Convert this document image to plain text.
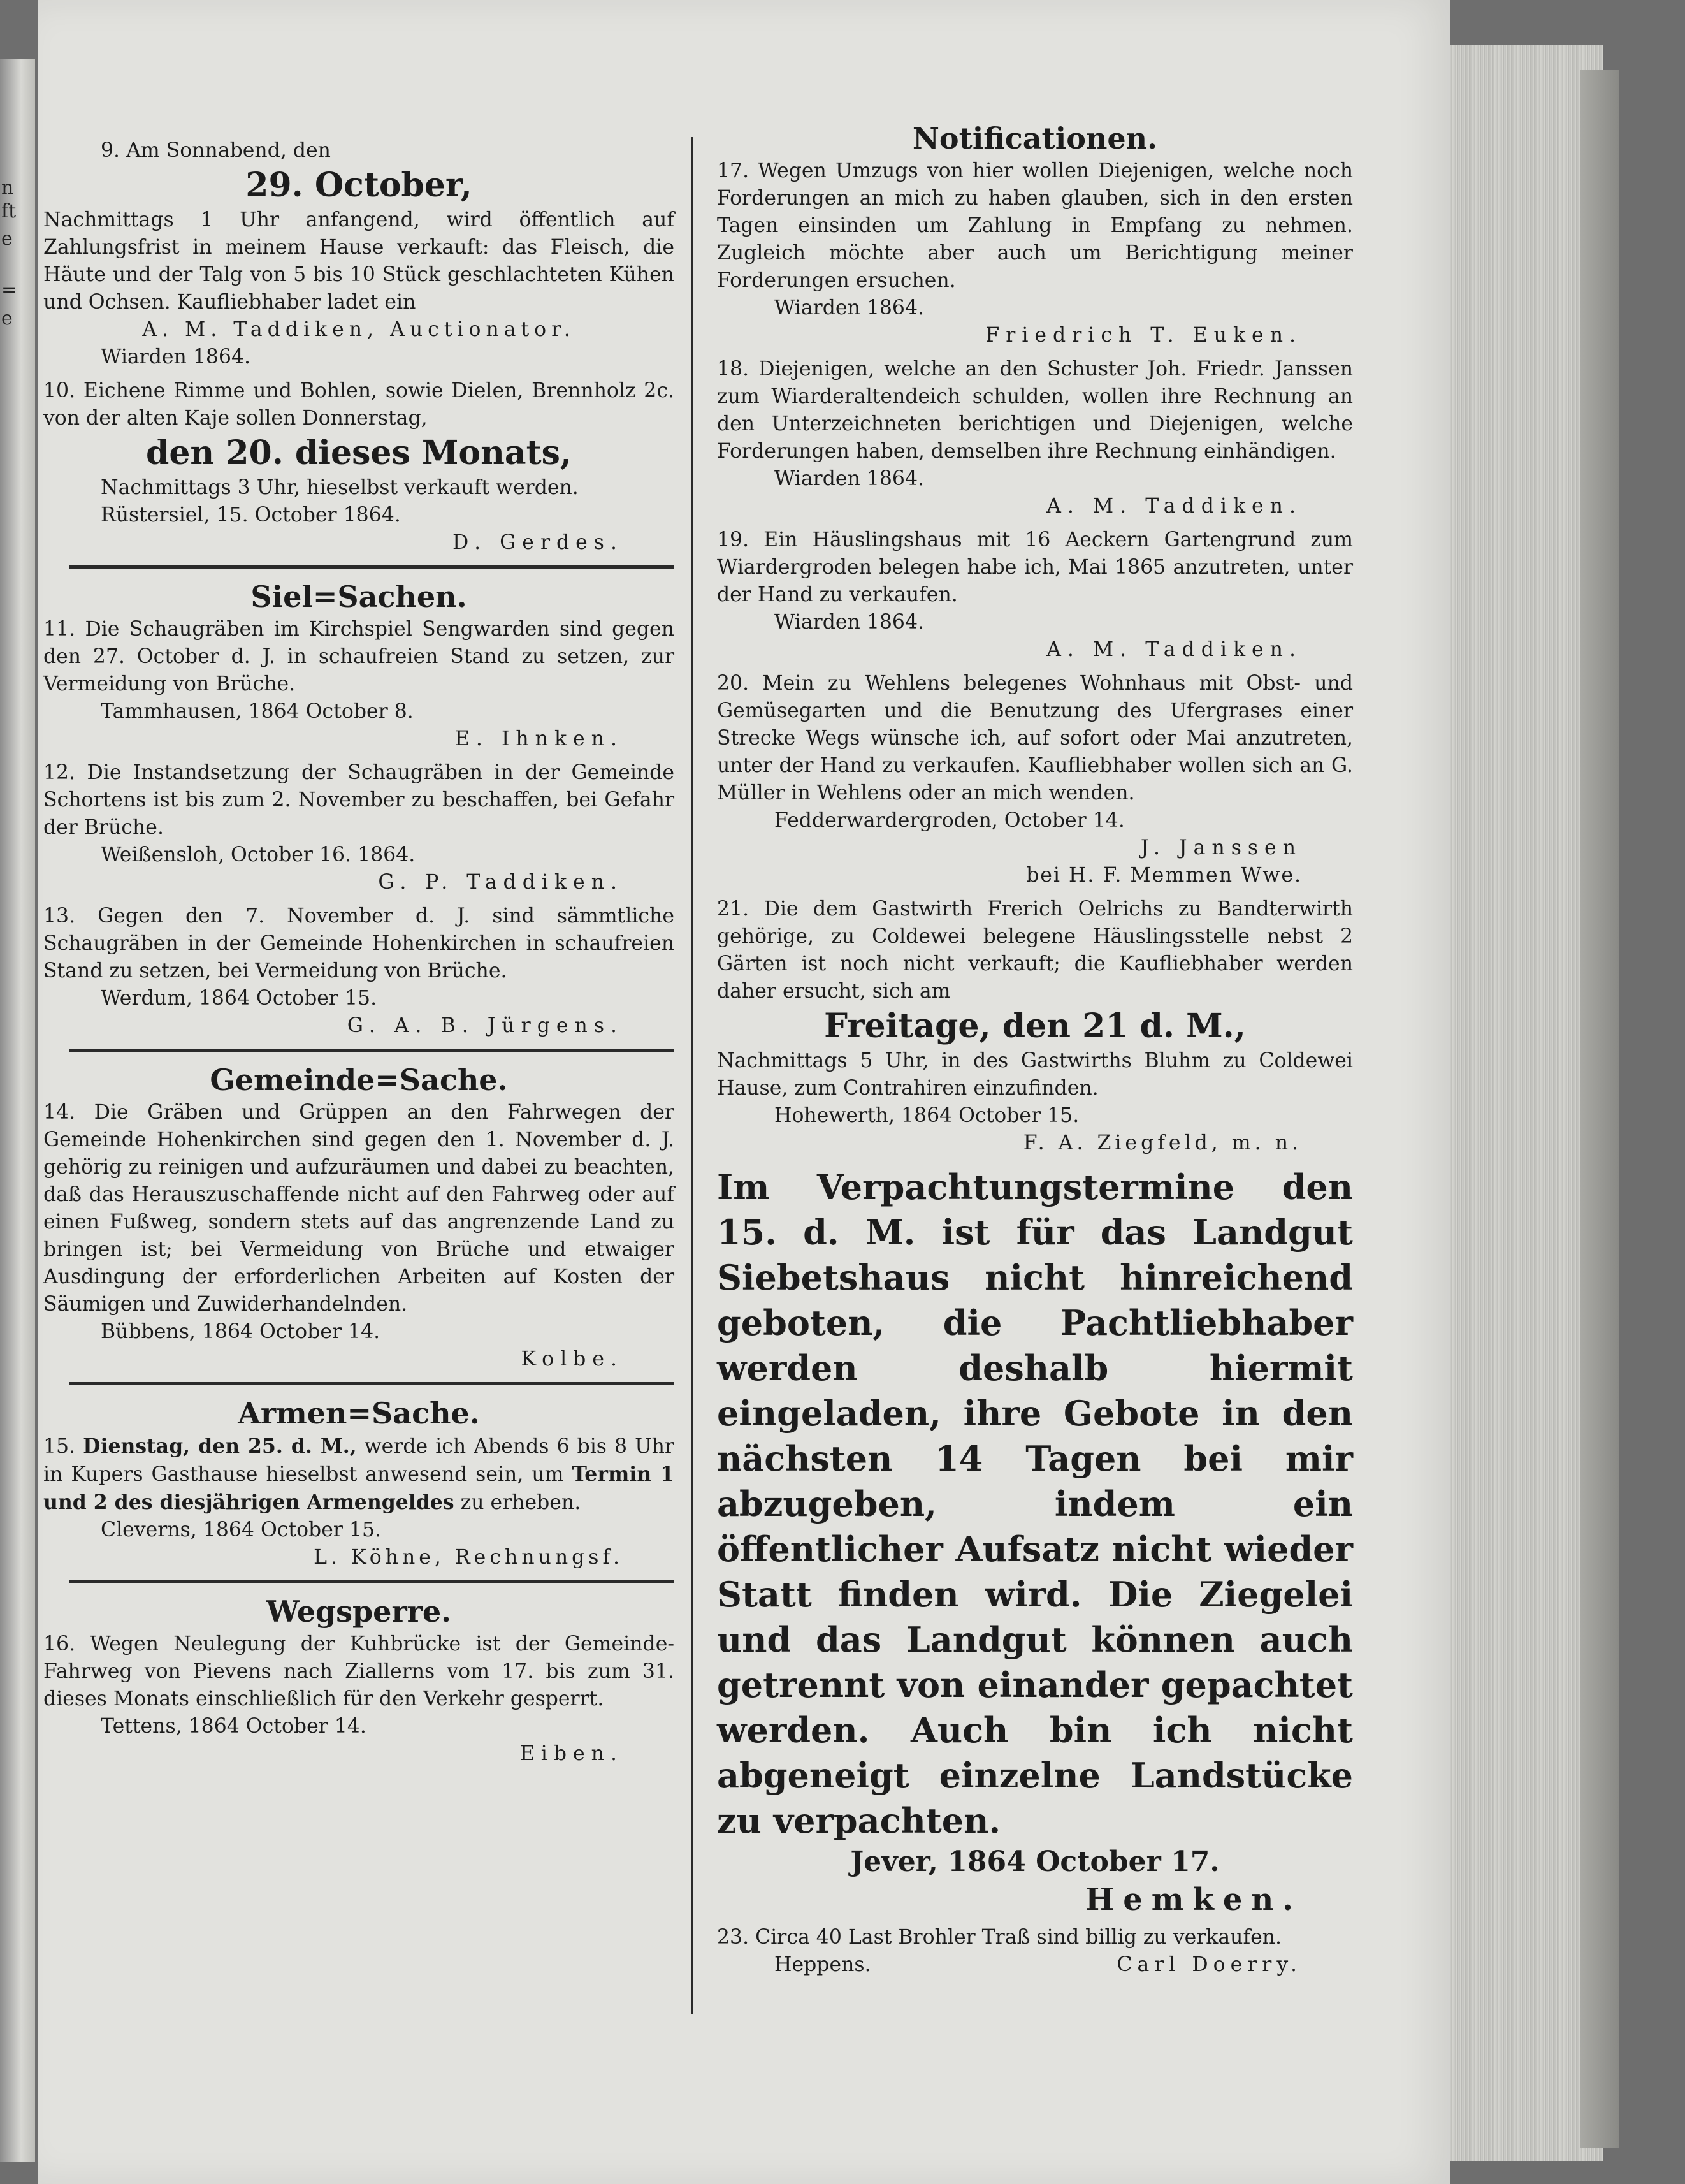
n
ft
e
=
e

9. Am Sonnabend, den

29. October,

Nachmittags 1 Uhr anfangend, wird öffentlich auf Zahlungsfrist in meinem Hause verkauft: das Fleisch, die Häute und der Talg von 5 bis 10 Stück geschlachteten Kühen und Ochsen. Kaufliebhaber ladet ein

A. M. Taddiken, Auctionator.

Wiarden 1864.

10. Eichene Rimme und Bohlen, sowie Dielen, Brennholz 2c. von der alten Kaje sollen Donnerstag,

den 20. dieses Monats,

Nachmittags 3 Uhr, hieselbst verkauft werden.

Rüstersiel, 15. October 1864.

D. Gerdes.

Siel=Sachen.

11. Die Schaugräben im Kirchspiel Sengwarden sind gegen den 27. October d. J. in schaufreien Stand zu setzen, zur Vermeidung von Brüche.

Tammhausen, 1864 October 8.

E. Ihnken.

12. Die Instandsetzung der Schaugräben in der Gemeinde Schortens ist bis zum 2. November zu beschaffen, bei Gefahr der Brüche.

Weißensloh, October 16. 1864.

G. P. Taddiken.

13. Gegen den 7. November d. J. sind sämmtliche Schaugräben in der Gemeinde Hohenkirchen in schaufreien Stand zu setzen, bei Vermeidung von Brüche.

Werdum, 1864 October 15.

G. A. B. Jürgens.

Gemeinde=Sache.

14. Die Gräben und Grüppen an den Fahrwegen der Gemeinde Hohenkirchen sind gegen den 1. November d. J. gehörig zu reinigen und aufzuräumen und dabei zu beachten, daß das Herauszuschaffende nicht auf den Fahrweg oder auf einen Fußweg, sondern stets auf das angrenzende Land zu bringen ist; bei Vermeidung von Brüche und etwaiger Ausdingung der erforderlichen Arbeiten auf Kosten der Säumigen und Zuwiderhandelnden.

Bübbens, 1864 October 14.

Kolbe.

Armen=Sache.

15. Dienstag, den 25. d. M., werde ich Abends 6 bis 8 Uhr in Kupers Gasthause hieselbst anwesend sein, um Termin 1 und 2 des diesjährigen Armengeldes zu erheben.

Cleverns, 1864 October 15.

L. Köhne, Rechnungsf.

Wegsperre.

16. Wegen Neulegung der Kuhbrücke ist der Gemeinde-Fahrweg von Pievens nach Ziallerns vom 17. bis zum 31. dieses Monats einschließlich für den Verkehr gesperrt.

Tettens, 1864 October 14.

Eiben.

Notificationen.

17. Wegen Umzugs von hier wollen Diejenigen, welche noch Forderungen an mich zu haben glauben, sich in den ersten Tagen einsinden um Zahlung in Empfang zu nehmen. Zugleich möchte aber auch um Berichtigung meiner Forderungen ersuchen.

Wiarden 1864.

Friedrich T. Euken.

18. Diejenigen, welche an den Schuster Joh. Friedr. Janssen zum Wiarderaltendeich schulden, wollen ihre Rechnung an den Unterzeichneten berichtigen und Diejenigen, welche Forderungen haben, demselben ihre Rechnung einhändigen.

Wiarden 1864.

A. M. Taddiken.

19. Ein Häuslingshaus mit 16 Aeckern Gartengrund zum Wiardergroden belegen habe ich, Mai 1865 anzutreten, unter der Hand zu verkaufen.

Wiarden 1864.

A. M. Taddiken.

20. Mein zu Wehlens belegenes Wohnhaus mit Obst- und Gemüsegarten und die Benutzung des Ufergrases einer Strecke Wegs wünsche ich, auf sofort oder Mai anzutreten, unter der Hand zu verkaufen. Kaufliebhaber wollen sich an G. Müller in Wehlens oder an mich wenden.

Fedderwardergroden, October 14.

J. Janssen

bei H. F. Memmen Wwe.

21. Die dem Gastwirth Frerich Oelrichs zu Bandterwirth gehörige, zu Coldewei belegene Häuslingsstelle nebst 2 Gärten ist noch nicht verkauft; die Kaufliebhaber werden daher ersucht, sich am

Freitage, den 21 d. M.,

Nachmittags 5 Uhr, in des Gastwirths Bluhm zu Coldewei Hause, zum Contrahiren einzufinden.

Hohewerth, 1864 October 15.

F. A. Ziegfeld, m. n.

Im Verpachtungstermine den 15. d. M. ist für das Landgut Siebetshaus nicht hinreichend geboten, die Pachtliebhaber werden deshalb hiermit eingeladen, ihre Gebote in den nächsten 14 Tagen bei mir abzugeben, indem ein öffentlicher Aufsatz nicht wieder Statt finden wird. Die Ziegelei und das Landgut können auch getrennt von einander gepachtet werden. Auch bin ich nicht abgeneigt einzelne Landstücke zu verpachten.

Jever, 1864 October 17.

Hemken.

23. Circa 40 Last Brohler Traß sind billig zu verkaufen.

Heppens.	Carl Doerry.
